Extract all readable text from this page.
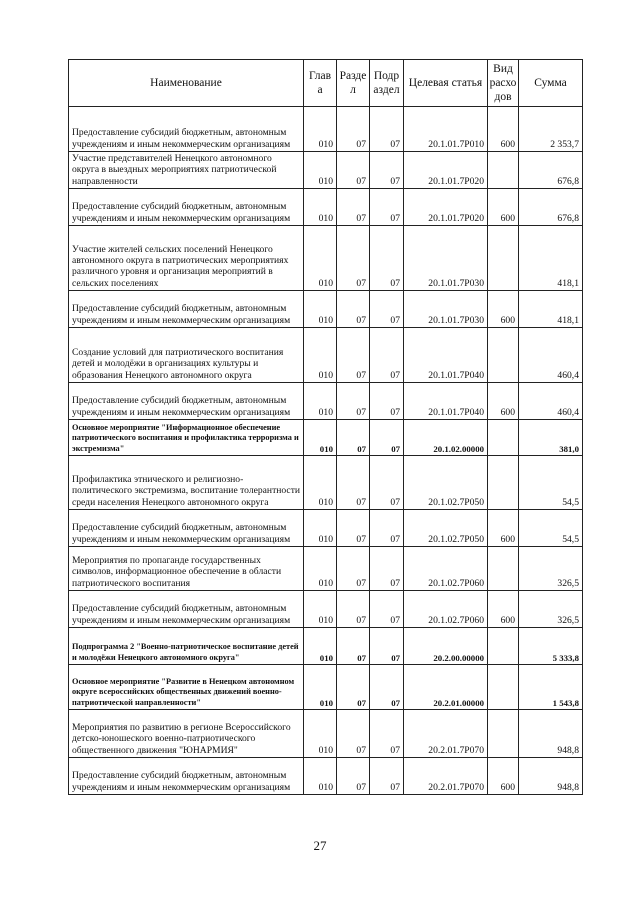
Наименование	Глав а	Разде л	Подр аздел	Целевая статья	Вид расхо дов	Сумма
Предоставление субсидий бюджетным, автономным учреждениям и иным некоммерческим организациям	010	07	07	20.1.01.7Р010	600	2 353,7
Участие представителей Ненецкого автономного округа в выездных мероприятиях патриотической направленности	010	07	07	20.1.01.7Р020		676,8
Предоставление субсидий бюджетным, автономным учреждениям и иным некоммерческим организациям	010	07	07	20.1.01.7Р020	600	676,8
Участие жителей сельских поселений Ненецкого автономного округа в патриотических мероприятиях различного уровня и организация мероприятий в сельских поселениях	010	07	07	20.1.01.7Р030		418,1
Предоставление субсидий бюджетным, автономным учреждениям и иным некоммерческим организациям	010	07	07	20.1.01.7Р030	600	418,1
Создание условий для патриотического воспитания детей и молодёжи в организациях культуры и образования Ненецкого автономного округа	010	07	07	20.1.01.7Р040		460,4
Предоставление субсидий бюджетным, автономным учреждениям и иным некоммерческим организациям	010	07	07	20.1.01.7Р040	600	460,4
Основное мероприятие "Информационное обеспечение патриотического воспитания и профилактика терроризма и экстремизма"	010	07	07	20.1.02.00000		381,0
Профилактика этнического и религиозно-политического экстремизма, воспитание толерантности среди населения Ненецкого автономного округа	010	07	07	20.1.02.7Р050		54,5
Предоставление субсидий бюджетным, автономным учреждениям и иным некоммерческим организациям	010	07	07	20.1.02.7Р050	600	54,5
Мероприятия по пропаганде государственных символов, информационное обеспечение в области патриотического воспитания	010	07	07	20.1.02.7Р060		326,5
Предоставление субсидий бюджетным, автономным учреждениям и иным некоммерческим организациям	010	07	07	20.1.02.7Р060	600	326,5
Подпрограмма 2 "Военно-патриотическое воспитание детей и молодёжи Ненецкого автономного округа"	010	07	07	20.2.00.00000		5 333,8
Основное мероприятие "Развитие в Ненецком автономном округе всероссийских общественных движений военно-патриотической направленности"	010	07	07	20.2.01.00000		1 543,8
Мероприятия по развитию в регионе Всероссийского детско-юношеского военно-патриотического общественного движения "ЮНАРМИЯ"	010	07	07	20.2.01.7Р070		948,8
Предоставление субсидий бюджетным, автономным учреждениям и иным некоммерческим организациям	010	07	07	20.2.01.7Р070	600	948,8
27
